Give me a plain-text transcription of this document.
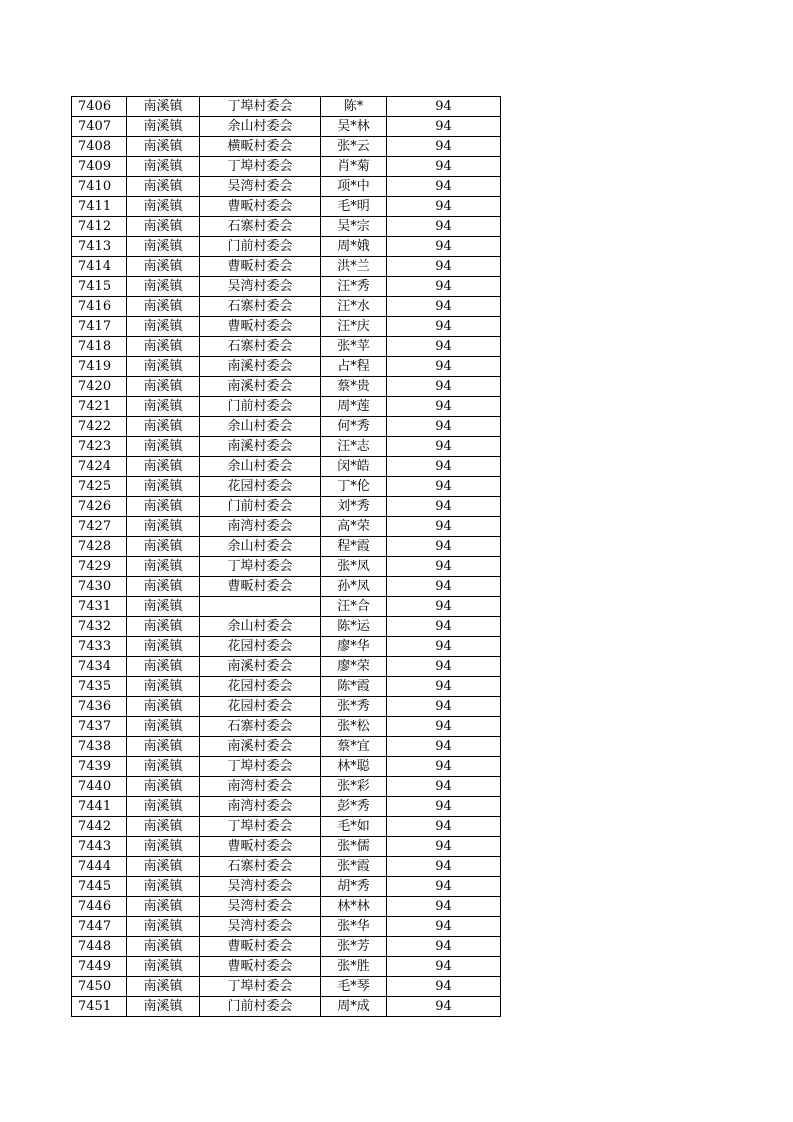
7406	南溪镇	丁埠村委会	陈*	94
7407	南溪镇	余山村委会	吴*林	94
7408	南溪镇	横畈村委会	张*云	94
7409	南溪镇	丁埠村委会	肖*菊	94
7410	南溪镇	吴湾村委会	项*中	94
7411	南溪镇	曹畈村委会	毛*明	94
7412	南溪镇	石寨村委会	吴*宗	94
7413	南溪镇	门前村委会	周*娥	94
7414	南溪镇	曹畈村委会	洪*兰	94
7415	南溪镇	吴湾村委会	汪*秀	94
7416	南溪镇	石寨村委会	汪*水	94
7417	南溪镇	曹畈村委会	汪*庆	94
7418	南溪镇	石寨村委会	张*苹	94
7419	南溪镇	南溪村委会	占*程	94
7420	南溪镇	南溪村委会	蔡*贵	94
7421	南溪镇	门前村委会	周*莲	94
7422	南溪镇	余山村委会	何*秀	94
7423	南溪镇	南溪村委会	汪*志	94
7424	南溪镇	余山村委会	闵*皓	94
7425	南溪镇	花园村委会	丁*伦	94
7426	南溪镇	门前村委会	刘*秀	94
7427	南溪镇	南湾村委会	高*荣	94
7428	南溪镇	余山村委会	程*霞	94
7429	南溪镇	丁埠村委会	张*凤	94
7430	南溪镇	曹畈村委会	孙*凤	94
7431	南溪镇		汪*合	94
7432	南溪镇	余山村委会	陈*运	94
7433	南溪镇	花园村委会	廖*华	94
7434	南溪镇	南溪村委会	廖*荣	94
7435	南溪镇	花园村委会	陈*霞	94
7436	南溪镇	花园村委会	张*秀	94
7437	南溪镇	石寨村委会	张*松	94
7438	南溪镇	南溪村委会	蔡*宜	94
7439	南溪镇	丁埠村委会	林*聪	94
7440	南溪镇	南湾村委会	张*彩	94
7441	南溪镇	南湾村委会	彭*秀	94
7442	南溪镇	丁埠村委会	毛*如	94
7443	南溪镇	曹畈村委会	张*儒	94
7444	南溪镇	石寨村委会	张*霞	94
7445	南溪镇	吴湾村委会	胡*秀	94
7446	南溪镇	吴湾村委会	林*林	94
7447	南溪镇	吴湾村委会	张*华	94
7448	南溪镇	曹畈村委会	张*芳	94
7449	南溪镇	曹畈村委会	张*胜	94
7450	南溪镇	丁埠村委会	毛*琴	94
7451	南溪镇	门前村委会	周*成	94
